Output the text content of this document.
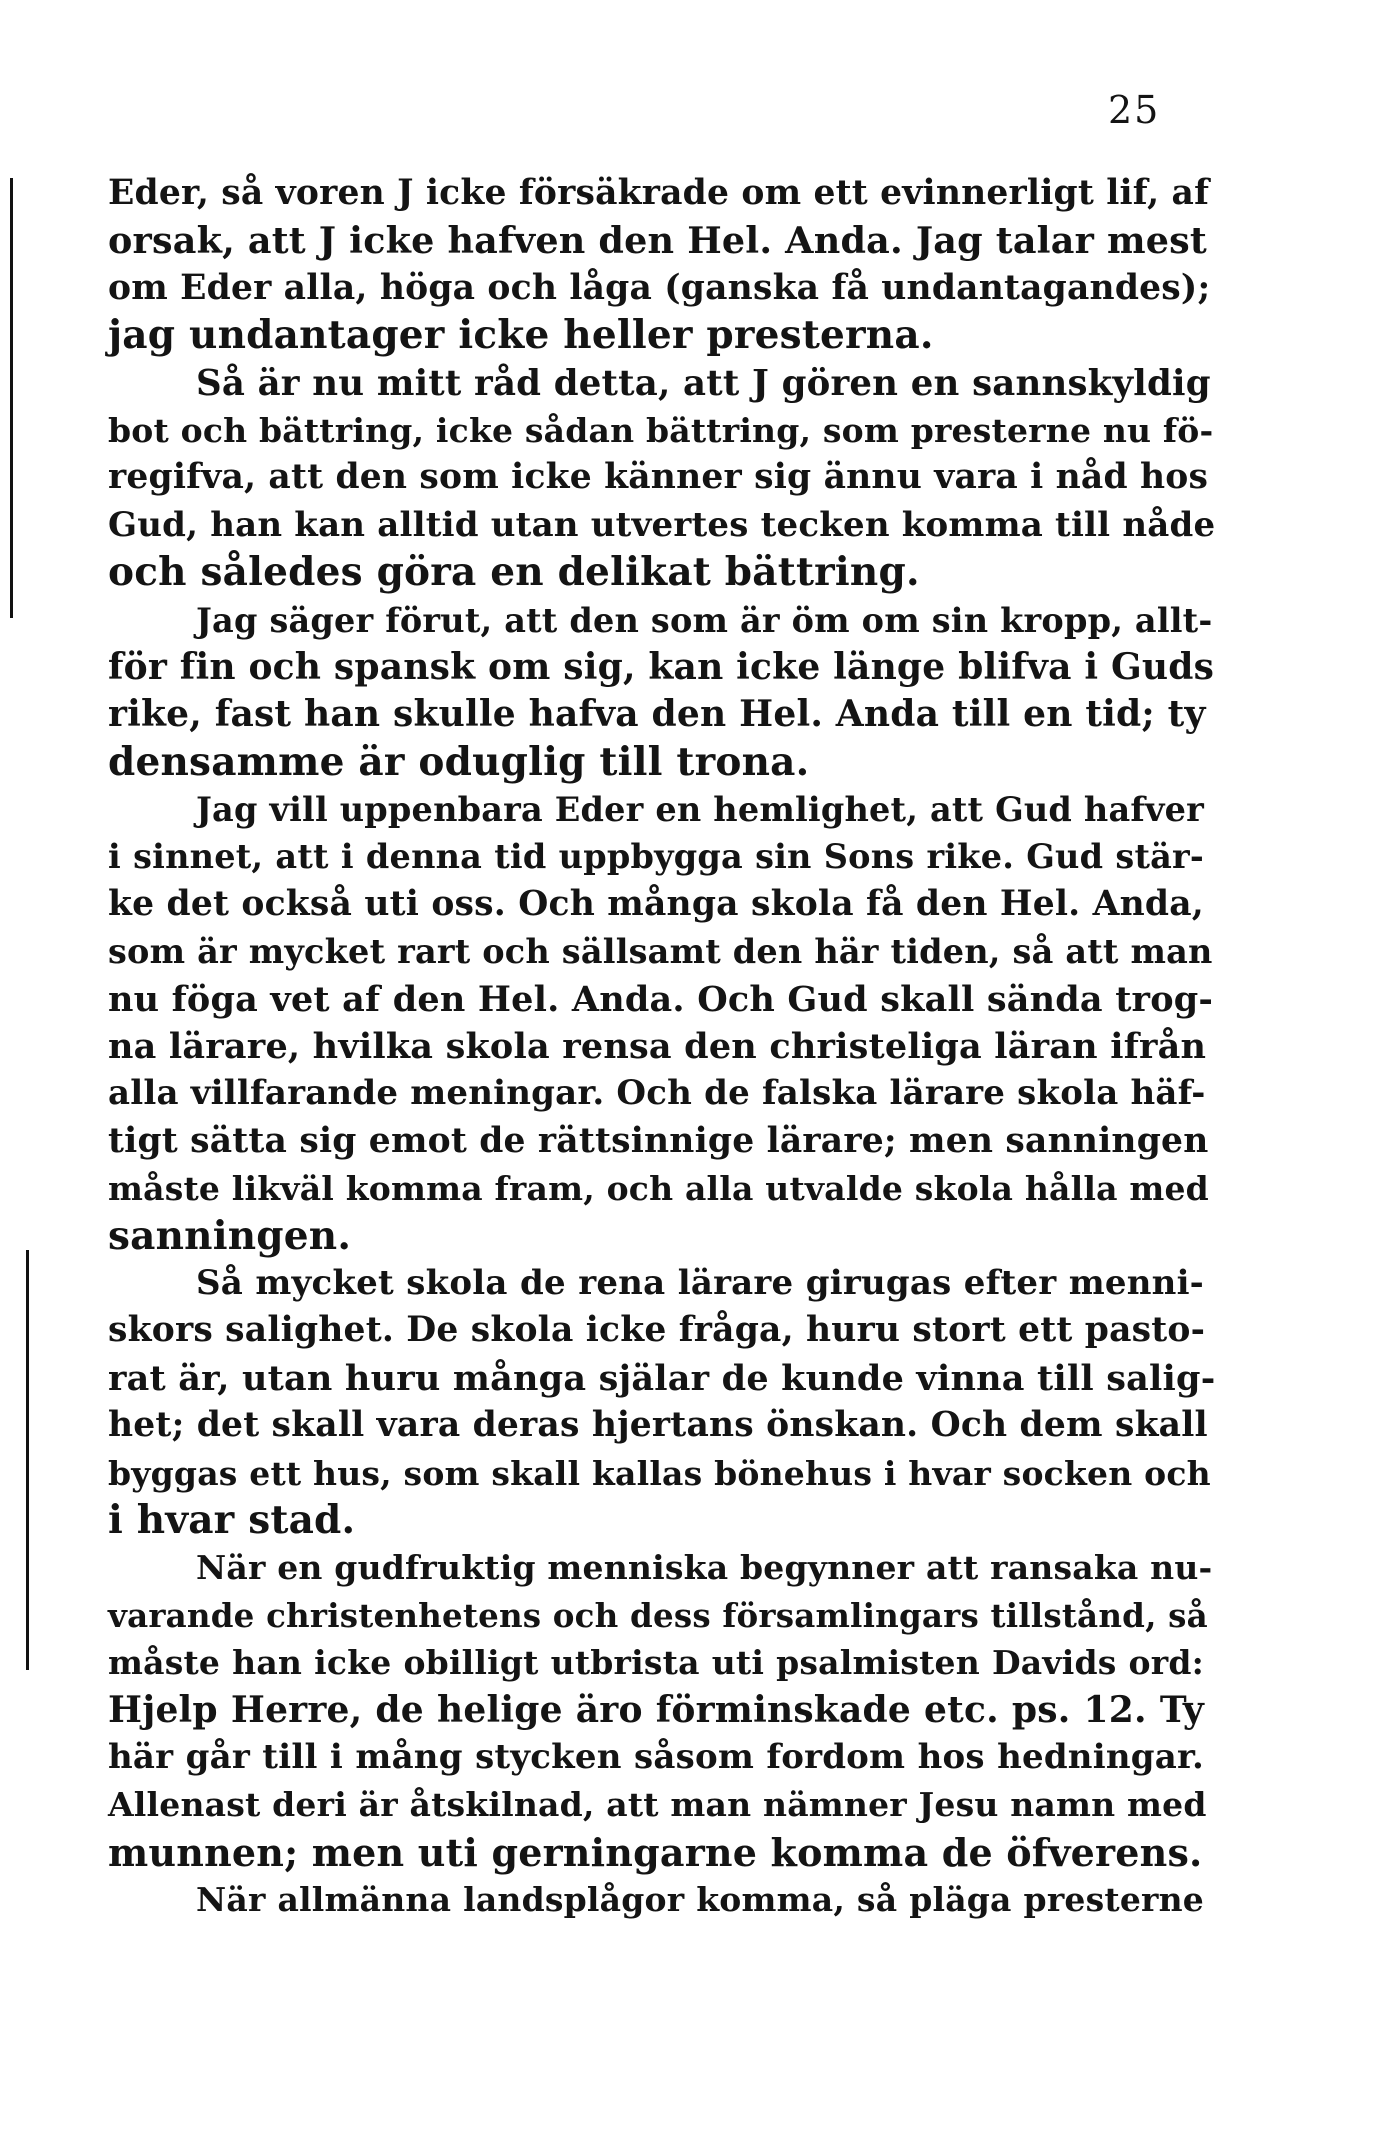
25
Eder, så voren J icke försäkrade om ett evinnerligt lif, af
orsak, att J icke hafven den Hel. Anda. Jag talar mest
om Eder alla, höga och låga (ganska få undantagandes);
jag undantager icke heller presterna.
Så är nu mitt råd detta, att J gören en sannskyldig
bot och bättring, icke sådan bättring, som presterne nu fö-
regifva, att den som icke känner sig ännu vara i nåd hos
Gud, han kan alltid utan utvertes tecken komma till nåde
och således göra en delikat bättring.
Jag säger förut, att den som är öm om sin kropp, allt-
för fin och spansk om sig, kan icke länge blifva i Guds
rike, fast han skulle hafva den Hel. Anda till en tid; ty
densamme är oduglig till trona.
Jag vill uppenbara Eder en hemlighet, att Gud hafver
i sinnet, att i denna tid uppbygga sin Sons rike. Gud stär-
ke det också uti oss. Och många skola få den Hel. Anda,
som är mycket rart och sällsamt den här tiden, så att man
nu föga vet af den Hel. Anda. Och Gud skall sända trog-
na lärare, hvilka skola rensa den christeliga läran ifrån
alla villfarande meningar. Och de falska lärare skola häf-
tigt sätta sig emot de rättsinnige lärare; men sanningen
måste likväl komma fram, och alla utvalde skola hålla med
sanningen.
Så mycket skola de rena lärare girugas efter menni-
skors salighet. De skola icke fråga, huru stort ett pasto-
rat är, utan huru många själar de kunde vinna till salig-
het; det skall vara deras hjertans önskan. Och dem skall
byggas ett hus, som skall kallas bönehus i hvar socken och
i hvar stad.
När en gudfruktig menniska begynner att ransaka nu-
varande christenhetens och dess församlingars tillstånd, så
måste han icke obilligt utbrista uti psalmisten Davids ord:
Hjelp Herre, de helige äro förminskade etc. ps. 12. Ty
här går till i mång stycken såsom fordom hos hedningar.
Allenast deri är åtskilnad, att man nämner Jesu namn med
munnen; men uti gerningarne komma de öfverens.
När allmänna landsplågor komma, så pläga presterne
